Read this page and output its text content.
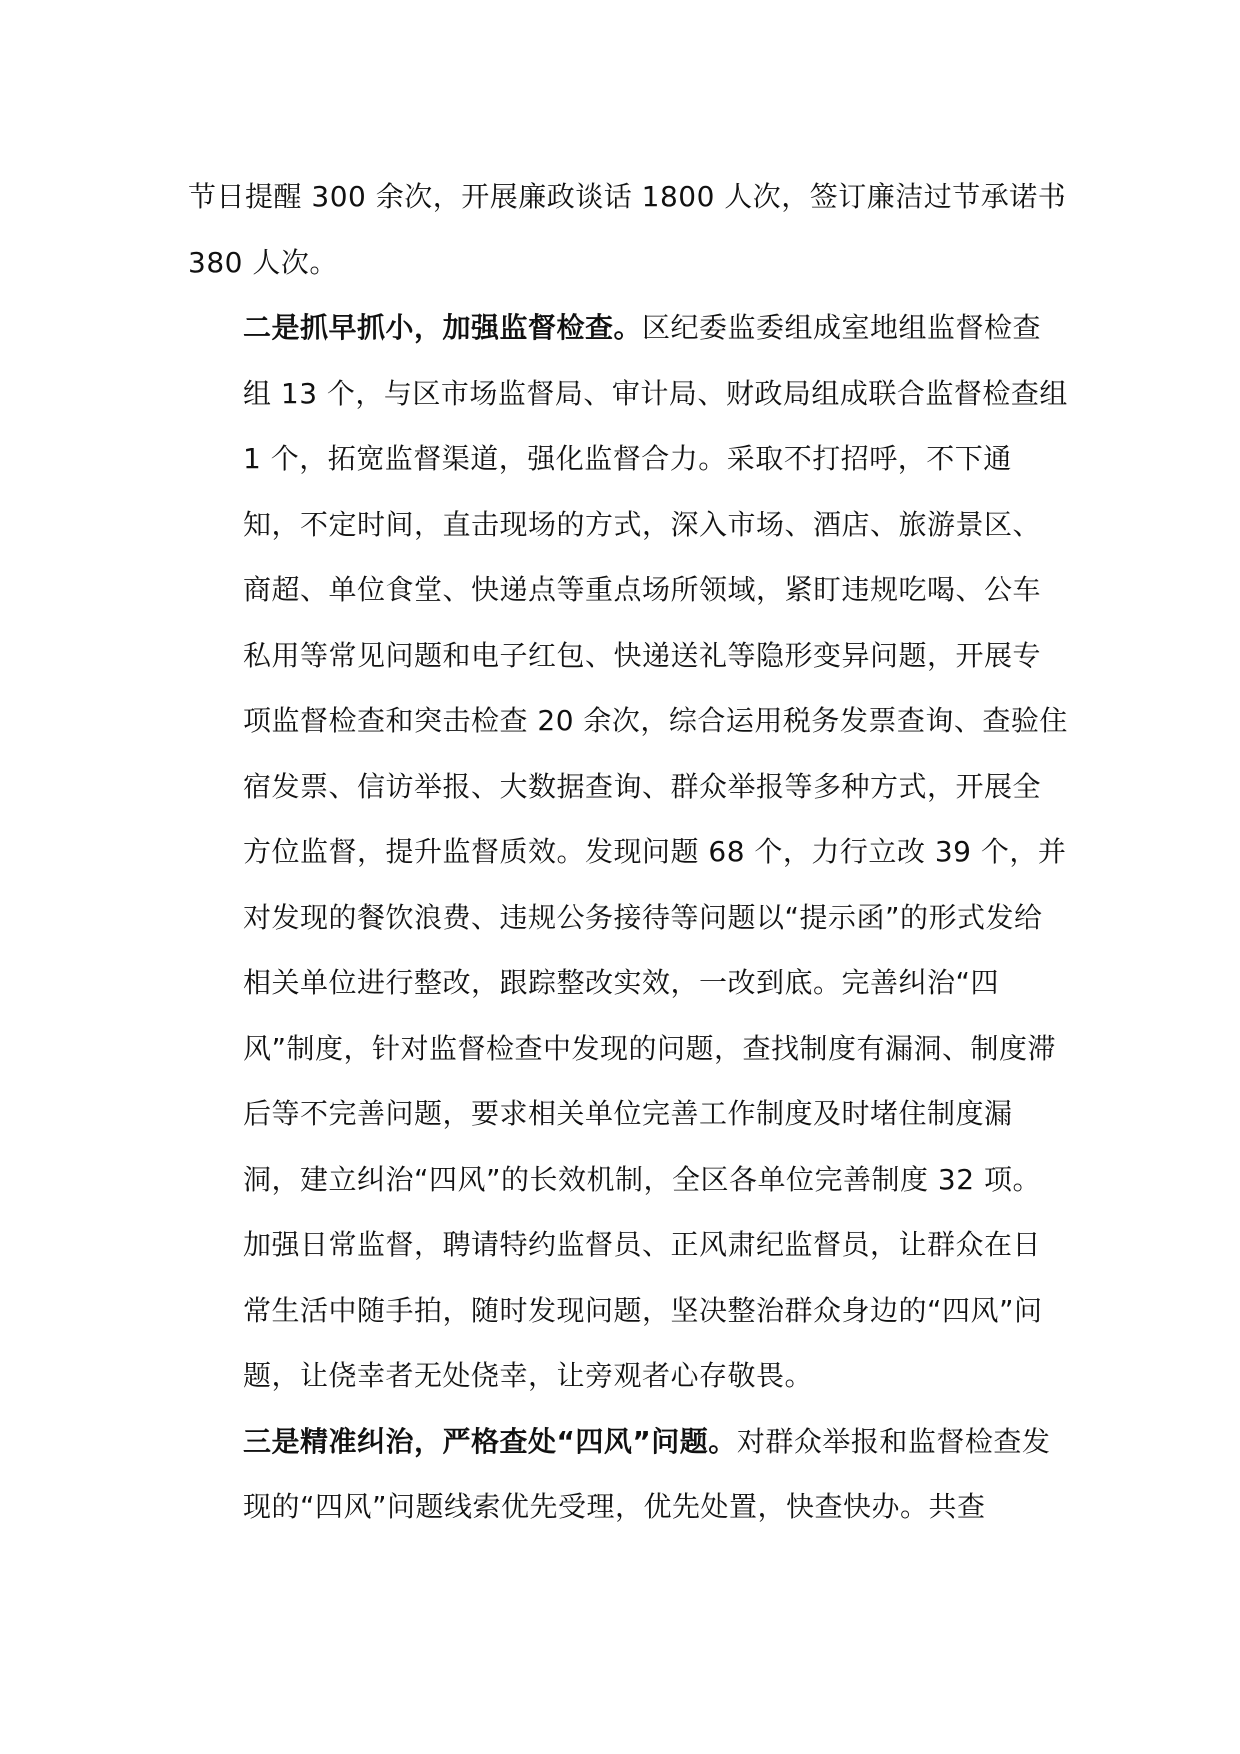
节日提醒 300 余次，开展廉政谈话 1800 人次，签订廉洁过节承诺书 380 人次。

二是抓早抓小，加强监督检查。区纪委监委组成室地组监督检查组 13 个，与区市场监督局、审计局、财政局组成联合监督检查组 1 个，拓宽监督渠道，强化监督合力。采取不打招呼，不下通知，不定时间，直击现场的方式，深入市场、酒店、旅游景区、商超、单位食堂、快递点等重点场所领域，紧盯违规吃喝、公车私用等常见问题和电子红包、快递送礼等隐形变异问题，开展专项监督检查和突击检查 20 余次，综合运用税务发票查询、查验住宿发票、信访举报、大数据查询、群众举报等多种方式，开展全方位监督，提升监督质效。发现问题 68 个，力行立改 39 个，并对发现的餐饮浪费、违规公务接待等问题以“提示函”的形式发给相关单位进行整改，跟踪整改实效，一改到底。完善纠治“四风”制度，针对监督检查中发现的问题，查找制度有漏洞、制度滞后等不完善问题，要求相关单位完善工作制度及时堵住制度漏洞，建立纠治“四风”的长效机制，全区各单位完善制度 32 项。加强日常监督，聘请特约监督员、正风肃纪监督员，让群众在日常生活中随手拍，随时发现问题，坚决整治群众身边的“四风”问题，让侥幸者无处侥幸，让旁观者心存敬畏。

三是精准纠治，严格查处“四风”问题。对群众举报和监督检查发现的“四风”问题线索优先受理，优先处置，快查快办。共查
